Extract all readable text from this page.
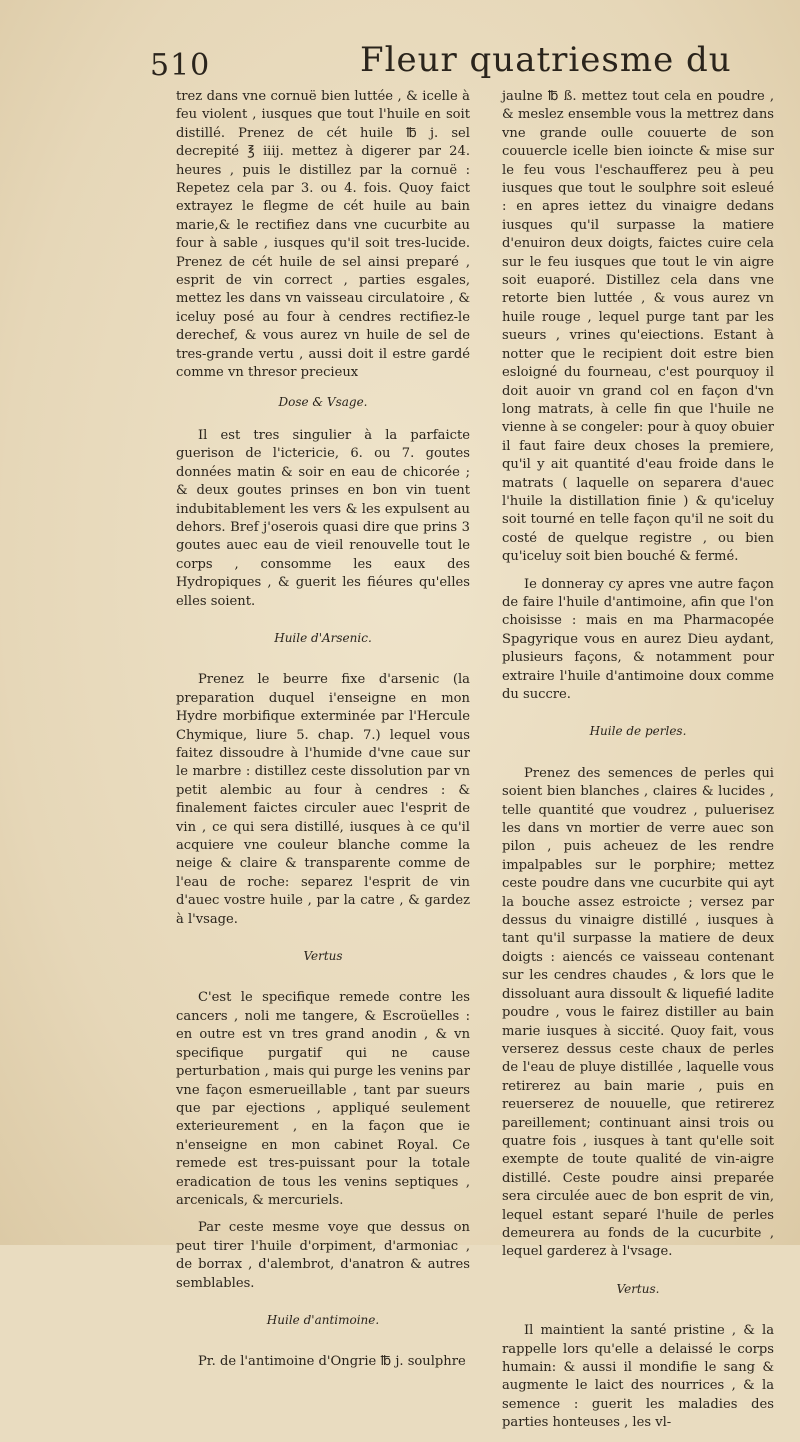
510	Fleur quatriesme du

trez dans vne cornuë bien luttée , & icelle à feu violent , iusques que tout l'huile en soit distillé. Prenez de cét huile ℔ j. sel decrepité ℥ iiij. mettez à digerer par 24. heures , puis le distillez par la cornuë : Repetez cela par 3. ou 4. fois. Quoy faict extrayez le flegme de cét huile au bain marie,& le rectifiez dans vne cucurbite au four à sable , iusques qu'il soit tres-lucide. Prenez de cét huile de sel ainsi preparé , esprit de vin correct , parties esgales, mettez les dans vn vaisseau circulatoire , & iceluy posé au four à cendres rectifiez-le derechef, & vous aurez vn huile de sel de tres-grande vertu , aussi doit il estre gardé comme vn thresor precieux

Dose & Vsage.

Il est tres singulier à la parfaicte guerison de l'ictericie, 6. ou 7. goutes données matin & soir en eau de chicorée ; & deux goutes prinses en bon vin tuent indubitablement les vers & les expulsent au dehors. Bref j'oserois quasi dire que prins 3 goutes auec eau de vieil renouvelle tout le corps , consomme les eaux des Hydropiques , & guerit les fiéures qu'elles elles soient.

Huile d'Arsenic.

Prenez le beurre fixe d'arsenic (la preparation duquel i'enseigne en mon Hydre morbifique exterminée par l'Hercule Chymique, liure 5. chap. 7.) lequel vous faitez dissoudre à l'humide d'vne caue sur le marbre : distillez ceste dissolution par vn petit alembic au four à cendres : & finalement faictes circuler auec l'esprit de vin , ce qui sera distillé, iusques à ce qu'il acquiere vne couleur blanche comme la neige & claire & transparente comme de l'eau de roche: separez l'esprit de vin d'auec vostre huile , par la catre , & gardez à l'vsage.

Vertus

C'est le specifique remede contre les cancers , noli me tangere, & Escroüelles : en outre est vn tres grand anodin , & vn specifique purgatif qui ne cause perturbation , mais qui purge les venins par vne façon esmerueillable , tant par sueurs que par ejections , appliqué seulement exterieurement , en la façon que ie n'enseigne en mon cabinet Royal. Ce remede est tres-puissant pour la totale eradication de tous les venins septiques , arcenicals, & mercuriels.

Par ceste mesme voye que dessus on peut tirer l'huile d'orpiment, d'armoniac , de borrax , d'alembrot, d'anatron & autres semblables.

Huile d'antimoine.

Pr. de l'antimoine d'Ongrie ℔ j. soulphre

jaulne ℔ ß. mettez tout cela en poudre , & meslez ensemble vous la mettrez dans vne grande oulle couuerte de son couuercle icelle bien ioincte & mise sur le feu vous l'eschaufferez peu à peu iusques que tout le soulphre soit esleué : en apres iettez du vinaigre dedans iusques qu'il surpasse la matiere d'enuiron deux doigts, faictes cuire cela sur le feu iusques que tout le vin aigre soit euaporé. Distillez cela dans vne retorte bien luttée , & vous aurez vn huile rouge , lequel purge tant par les sueurs , vrines qu'eiections. Estant à notter que le recipient doit estre bien esloigné du fourneau, c'est pourquoy il doit auoir vn grand col en façon d'vn long matrats, à celle fin que l'huile ne vienne à se congeler: pour à quoy obuier il faut faire deux choses la premiere, qu'il y ait quantité d'eau froide dans le matrats ( laquelle on separera d'auec l'huile la distillation finie ) & qu'iceluy soit tourné en telle façon qu'il ne soit du costé de quelque registre , ou bien qu'iceluy soit bien bouché & fermé.

Ie donneray cy apres vne autre façon de faire l'huile d'antimoine, afin que l'on choisisse : mais en ma Pharmacopée Spagyrique vous en aurez Dieu aydant, plusieurs façons, & notamment pour extraire l'huile d'antimoine doux comme du succre.

Huile de perles.

Prenez des semences de perles qui soient bien blanches , claires & lucides , telle quantité que voudrez , puluerisez les dans vn mortier de verre auec son pilon , puis acheuez de les rendre impalpables sur le porphire; mettez ceste poudre dans vne cucurbite qui ayt la bouche assez estroicte ; versez par dessus du vinaigre distillé , iusques à tant qu'il surpasse la matiere de deux doigts : aiencés ce vaisseau contenant sur les cendres chaudes , & lors que le dissoluant aura dissoult & liquefié ladite poudre , vous le fairez distiller au bain marie iusques à siccité. Quoy fait, vous verserez dessus ceste chaux de perles de l'eau de pluye distillée , laquelle vous retirerez au bain marie , puis en reuerserez de nouuelle, que retirerez pareillement; continuant ainsi trois ou quatre fois , iusques à tant qu'elle soit exempte de toute qualité de vin-aigre distillé. Ceste poudre ainsi preparée sera circulée auec de bon esprit de vin, lequel estant separé l'huile de perles demeurera au fonds de la cucurbite , lequel garderez à l'vsage.

Vertus.

Il maintient la santé pristine , & la rappelle lors qu'elle a delaissé le corps humain: & aussi il mondifie le sang & augmente le laict des nourrices , & la semence : guerit les maladies des parties honteuses , les vl-
